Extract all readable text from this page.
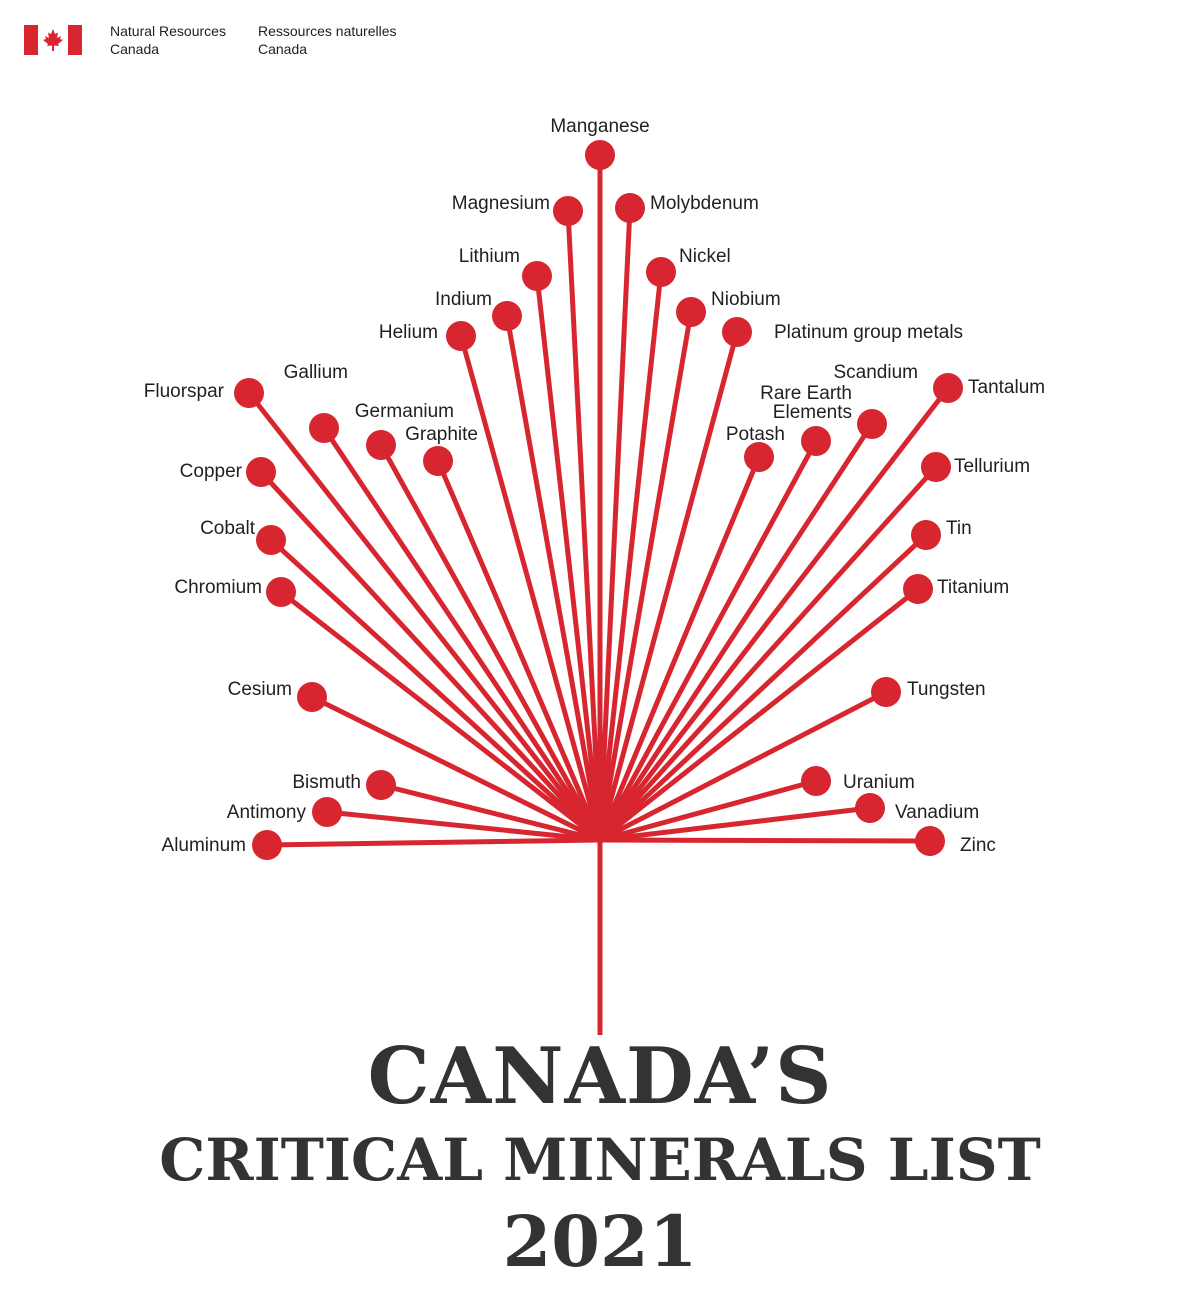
Natural Resources
Canada
Ressources naturelles
Canada
Manganese
Magnesium	Molybdenum
Lithium	Nickel
Indium	Niobium
Helium	Platinum group metals
Gallium
Fluorspar
Germanium
Graphite
Scandium
Rare Earth Elements
Potash
Tantalum
Copper	Tellurium
Cobalt	Tin
Chromium	Titanium
Cesium	Tungsten
Bismuth	Uranium
Antimony	Vanadium
Aluminum	Zinc
CANADA’S
CRITICAL MINERALS LIST
2021
